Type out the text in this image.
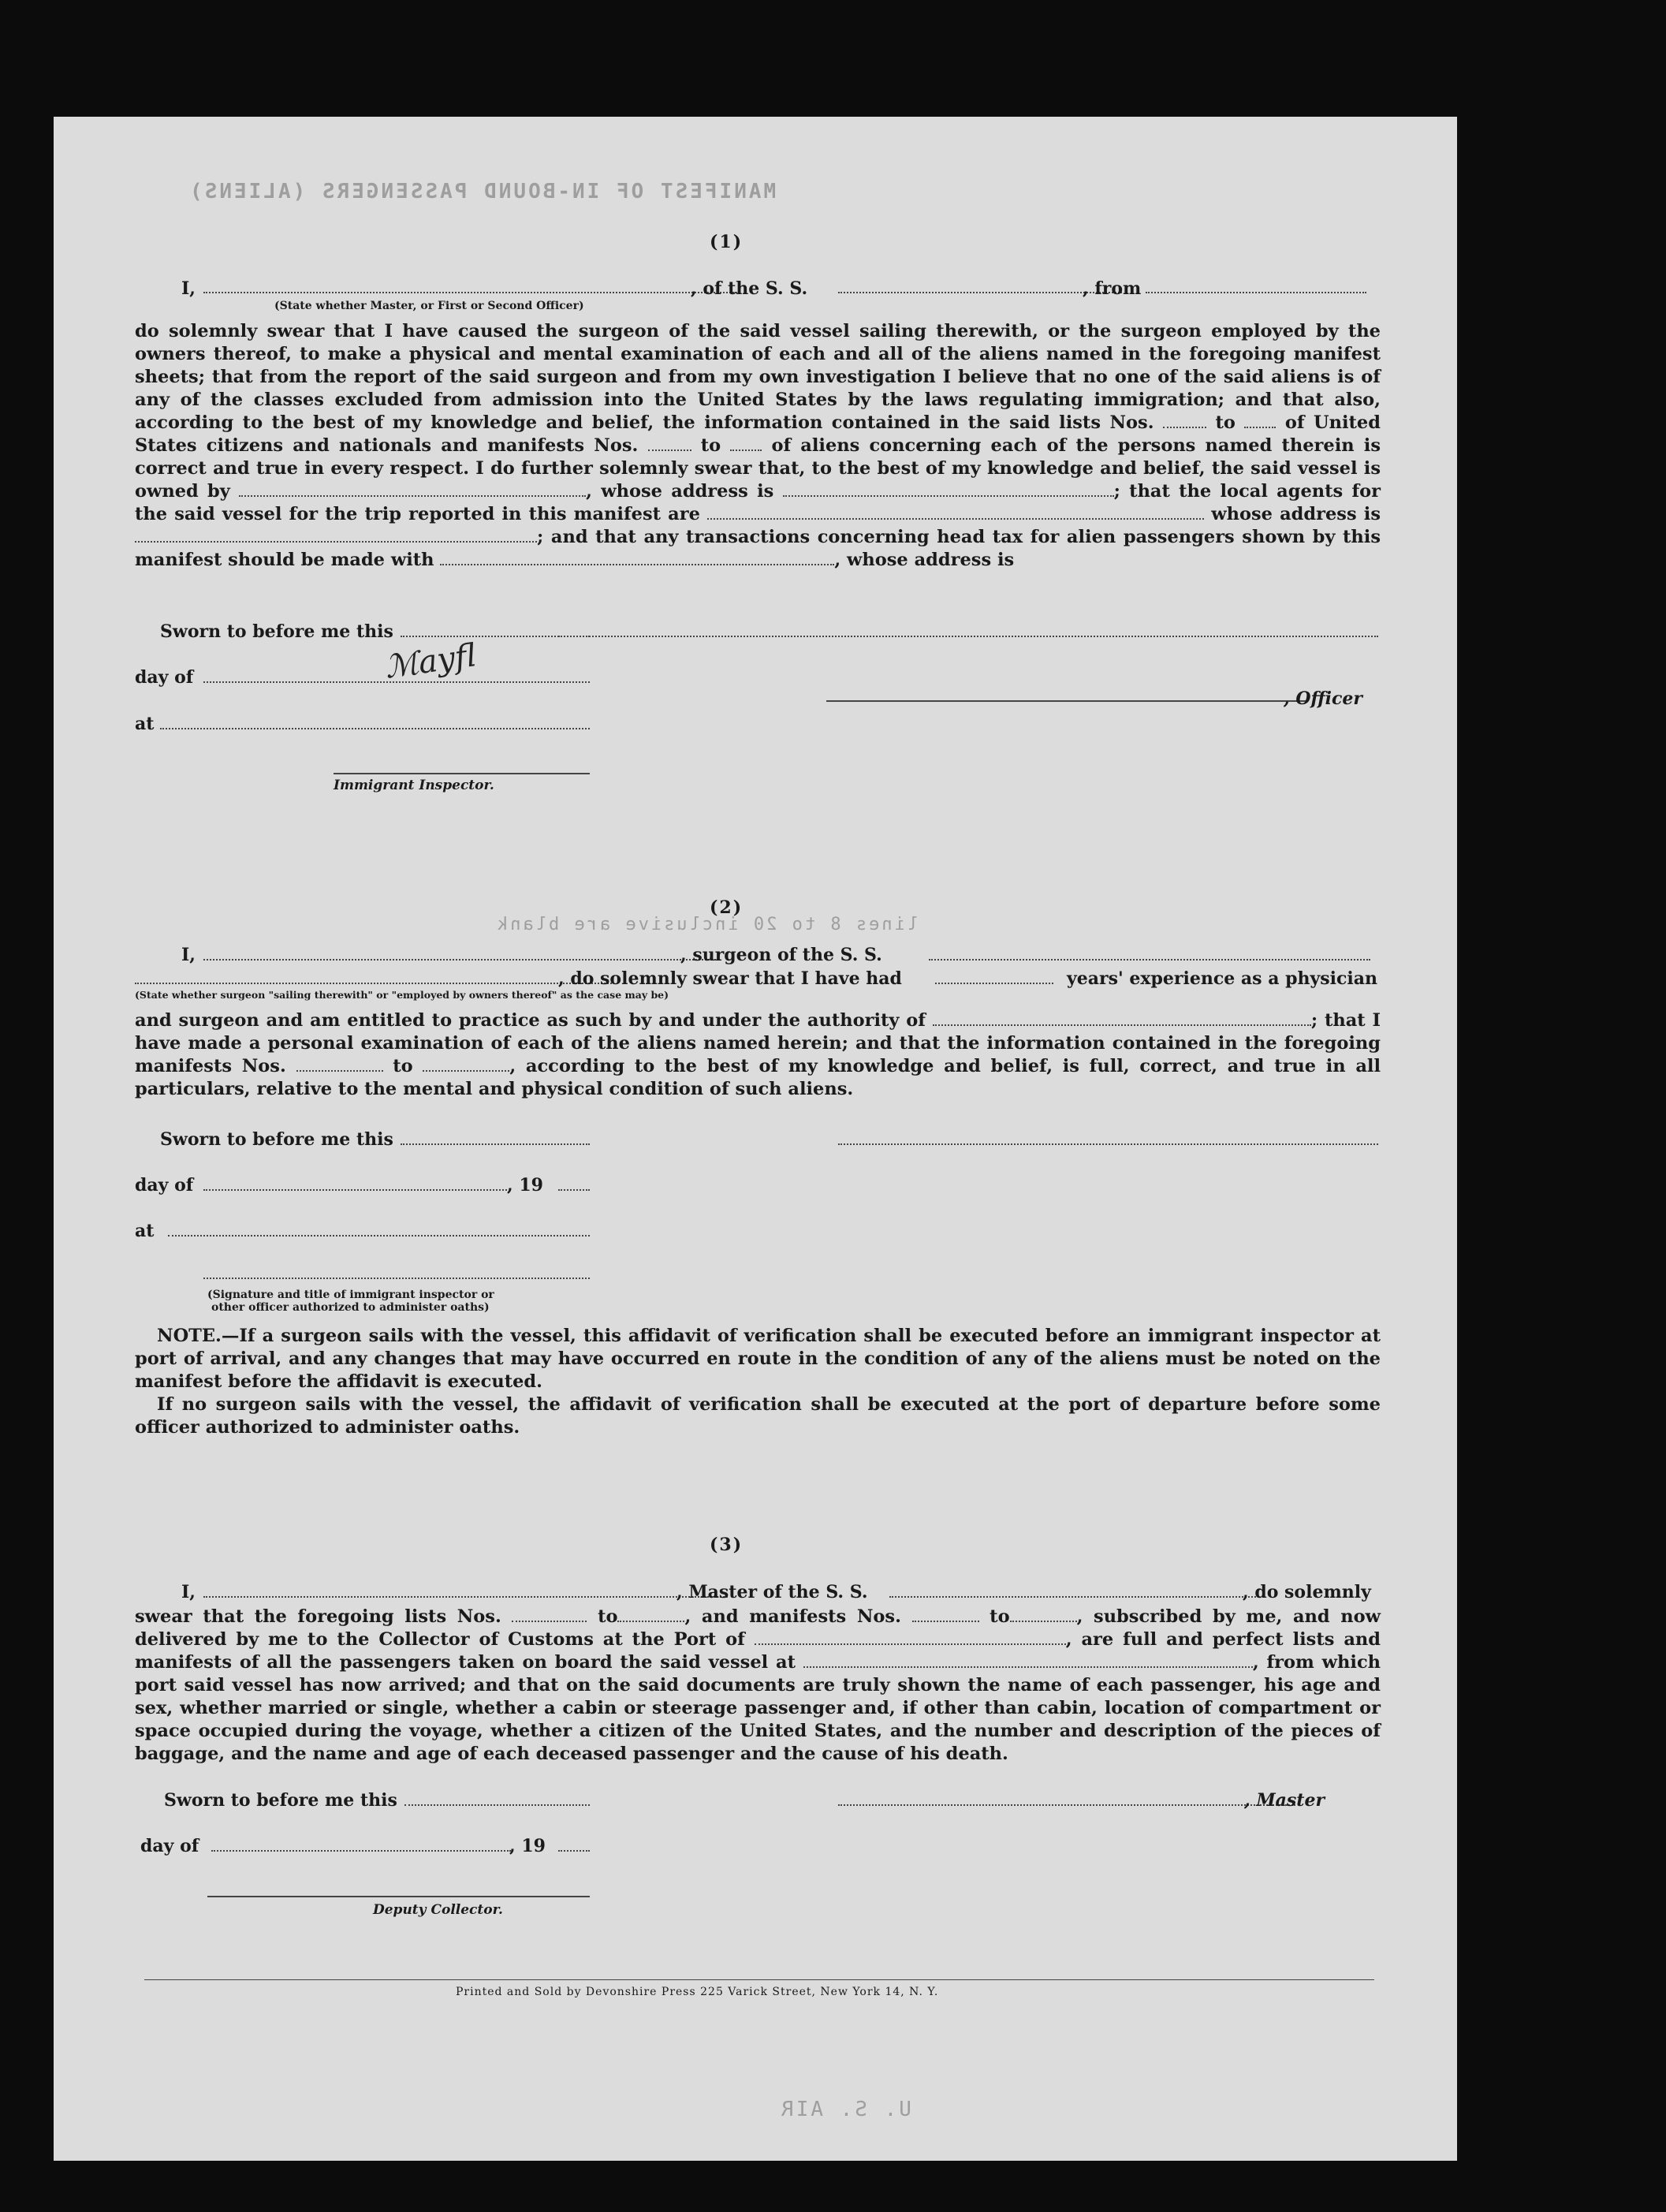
MANIFEST OF IN-BOUND PASSENGERS (ALIENS)
lines 8 to 20 inclusive are blank
U. S. AIR
(1)
I,	, of the S. S.	, from
(State whether Master, or First or Second Officer)

do solemnly swear that I have caused the surgeon of the said vessel sailing therewith, or the surgeon employed by the owners thereof, to make a physical and mental examination of each and all of the aliens named in the foregoing manifest sheets; that from the report of the said surgeon and from my own investigation I believe that no one of the said aliens is of any of the classes excluded from admission into the United States by the laws regulating immigration; and that also, according to the best of my knowledge and belief, the information contained in the said lists Nos.	to	of United States citizens and nationals and manifests Nos.	to	of aliens concerning each of the persons named therein is correct and true in every respect. I do further solemnly swear that, to the best of my knowledge and belief, the said vessel is owned by	, whose address is	; that the local agents for the said vessel for the trip reported in this manifest are	whose address is ; and that any transactions concerning head tax for alien passengers shown by this manifest should be made with	, whose address is

Sworn to before me this
day of	ℳayfl
, Officer
at
Immigrant Inspector.
(2)
I,	, surgeon of the S. S.
, do solemnly swear that I have had	years' experience as a physician
(State whether surgeon "sailing therewith" or "employed by owners thereof" as the case may be)

and surgeon and am entitled to practice as such by and under the authority of	; that I have made a personal examination of each of the aliens named herein; and that the information contained in the foregoing manifests Nos.	to	, according to the best of my knowledge and belief, is full, correct, and true in all particulars, relative to the mental and physical condition of such aliens.

Sworn to before me this
day of	, 19
at
(Signature and title of immigrant inspector or
other officer authorized to administer oaths)

NOTE.—If a surgeon sails with the vessel, this affidavit of verification shall be executed before an immigrant inspector at port of arrival, and any changes that may have occurred en route in the condition of any of the aliens must be noted on the manifest before the affidavit is executed.

If no surgeon sails with the vessel, the affidavit of verification shall be executed at the port of departure before some officer authorized to administer oaths.

(3)
I,	, Master of the S. S.	, do solemnly

swear that the foregoing lists Nos.	to	, and manifests Nos.	to	, subscribed by me, and now delivered by me to the Collector of Customs at the Port of	, are full and perfect lists and manifests of all the passengers taken on board the said vessel at	, from which port said vessel has now arrived; and that on the said documents are truly shown the name of each passenger, his age and sex, whether married or single, whether a cabin or steerage passenger and, if other than cabin, location of compartment or space occupied during the voyage, whether a citizen of the United States, and the number and description of the pieces of baggage, and the name and age of each deceased passenger and the cause of his death.

Sworn to before me this	, Master
day of	, 19
Deputy Collector.
Printed and Sold by Devonshire Press 225 Varick Street, New York 14, N. Y.
